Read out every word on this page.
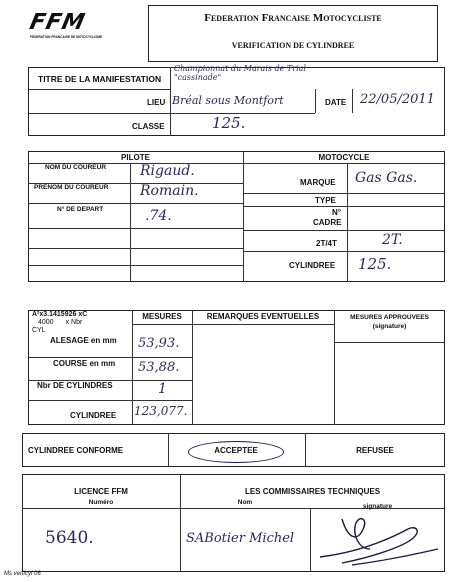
FFM
FEDERATION FRANCAISE DE MOTOCYCLISME
Federation Francaise Motocycliste
VERIFICATION DE CYLINDREE
TITRE DE LA MANIFESTATION
Championnat du Marais de Trial "cassinade"
LIEU Bréal sous Montfort	DATE 22/05/2011
CLASSE	125.
PILOTE	MOTOCYCLE
NOM DU COUREUR Rigaud.
PRENOM DU COUREUR Romain.
N° DE DEPART	.74.
MARQUE Gas Gas.
TYPE
N°
CADRE
2T/4T	2T.
CYLINDREE 125.
A²x3.1415926 xC
4000 x Nbr
CYL
MESURES	REMARQUES EVENTUELLES	MESURES APPROUVEES
(signature)
ALESAGE en mm 53,93.
COURSE en mm 53,88.
Nbr DE CYLINDRES	1
CYLINDREE 123,077.
CYLINDREE CONFORME	ACCEPTEE	REFUSEE
LICENCE FFM	LES COMMISSAIRES TECHNIQUES
Numéro	Nom
signature
5640.	SABotier Michel
Ms verifcyl 06
